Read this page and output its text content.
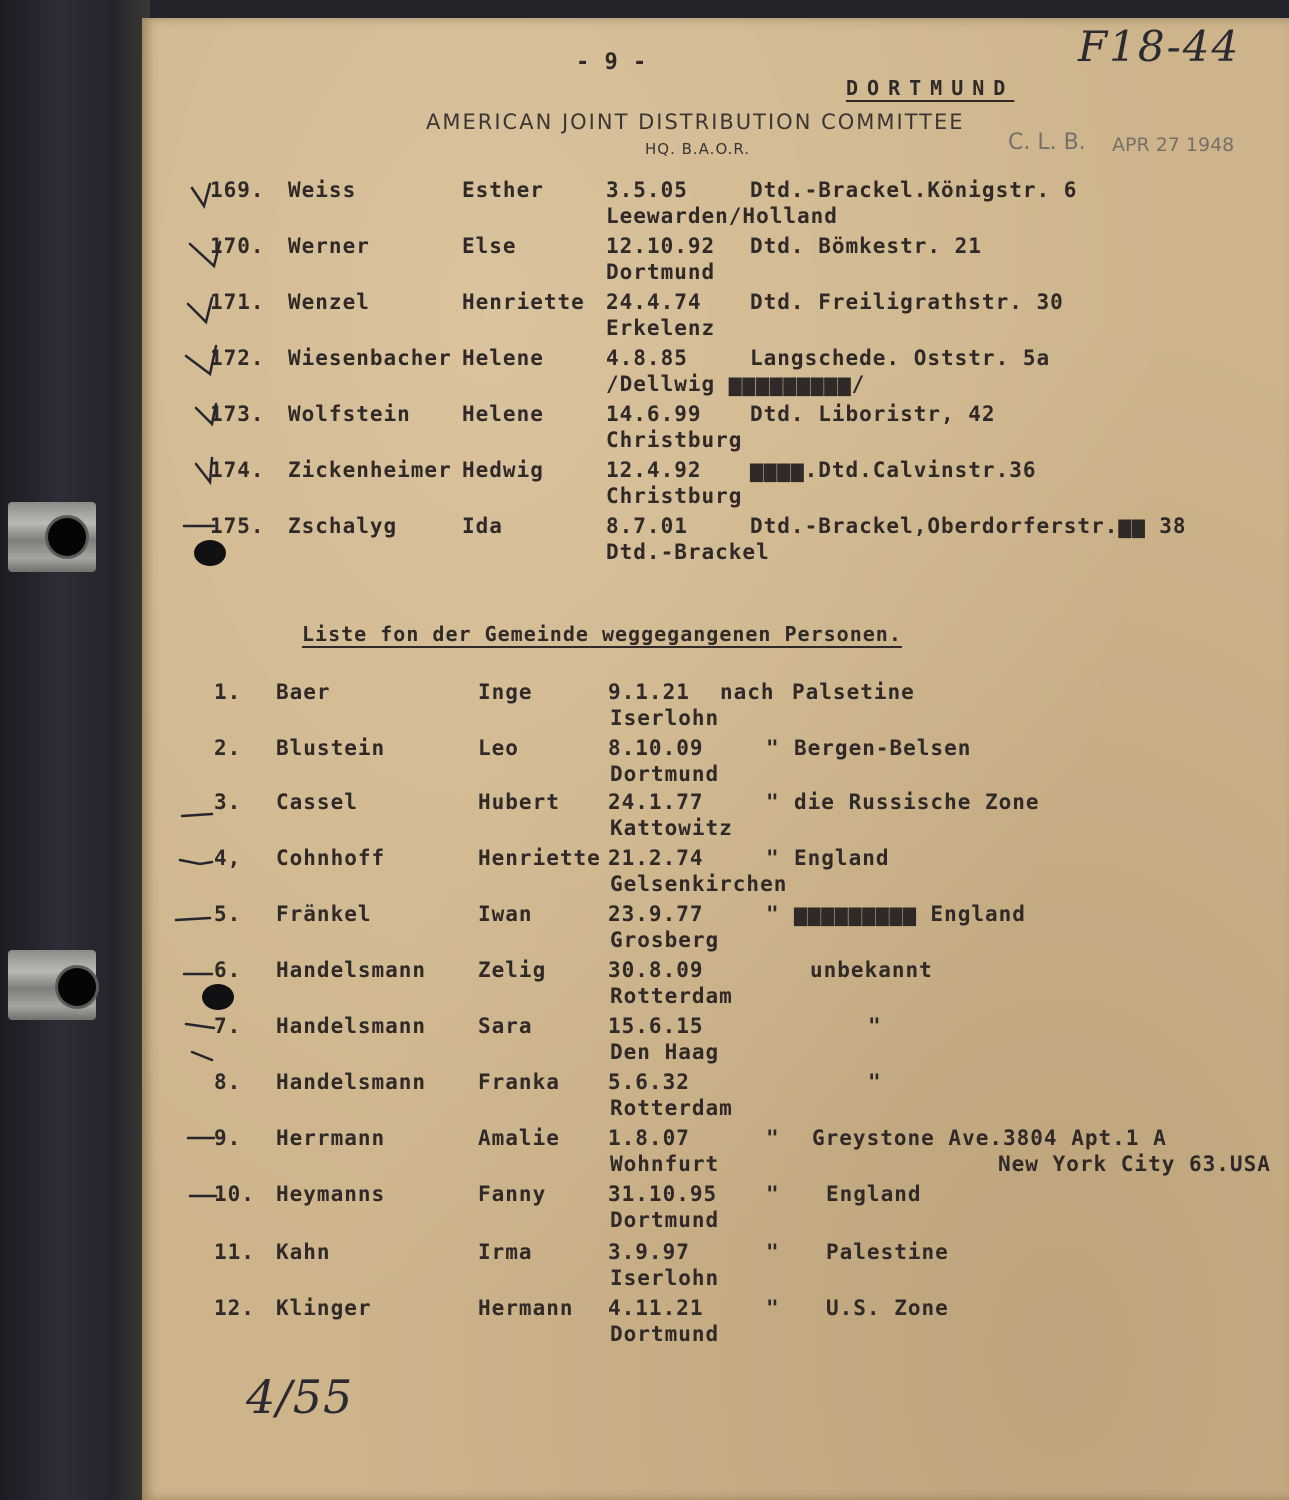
- 9 -
DORTMUND
AMERICAN JOINT DISTRIBUTION COMMITTEE
HQ. B.A.O.R.
F18-44
C. L. B. APR 27 1948
169. Weiss	Esther	3.5.05	Dtd.-Brackel.Königstr. 6
Leewarden/Holland
170. Werner	Else	12.10.92 Dtd. Bömkestr. 21
Dortmund
171. Wenzel	Henriette 24.4.74 Dtd. Freiligrathstr. 30
Erkelenz
172. Wiesenbacher Helene	4.8.85	Langschede. Oststr. 5a
/Dellwig ▆▆▆▆▆▆▆▆▆/
173. Wolfstein Helene	14.6.99 Dtd. Liboristr, 42
Christburg
174. Zickenheimer Hedwig	12.4.92 ▆▆▆▆.Dtd.Calvinstr.36
Christburg
175. Zschalyg	Ida	8.7.01	Dtd.-Brackel,Oberdorferstr.▆▆ 38
Dtd.-Brackel
Liste fon der Gemeinde weggegangenen Personen.
1. Baer	Inge	9.1.21 nach Palsetine
Iserlohn
2. Blustein	Leo	8.10.09	" Bergen-Belsen
Dortmund
3. Cassel	Hubert 24.1.77	" die Russische Zone
Kattowitz
4, Cohnhoff	Henriette 21.2.74	" England
Gelsenkirchen
5. Fränkel	Iwan	23.9.77	" ▆▆▆▆▆▆▆▆▆ England
Grosberg
6. Handelsmann Zelig	30.8.09	unbekannt
Rotterdam
7. Handelsmann Sara	15.6.15	"
Den Haag
8. Handelsmann Franka 5.6.32	"
Rotterdam
9. Herrmann	Amalie 1.8.07	" Greystone Ave.3804 Apt.1 A
Wohnfurt	New York City 63.USA
10. Heymanns	Fanny	31.10.95 " England
Dortmund
11. Kahn	Irma	3.9.97	" Palestine
Iserlohn
12. Klinger	Hermann 4.11.21	" U.S. Zone
Dortmund
4/55
